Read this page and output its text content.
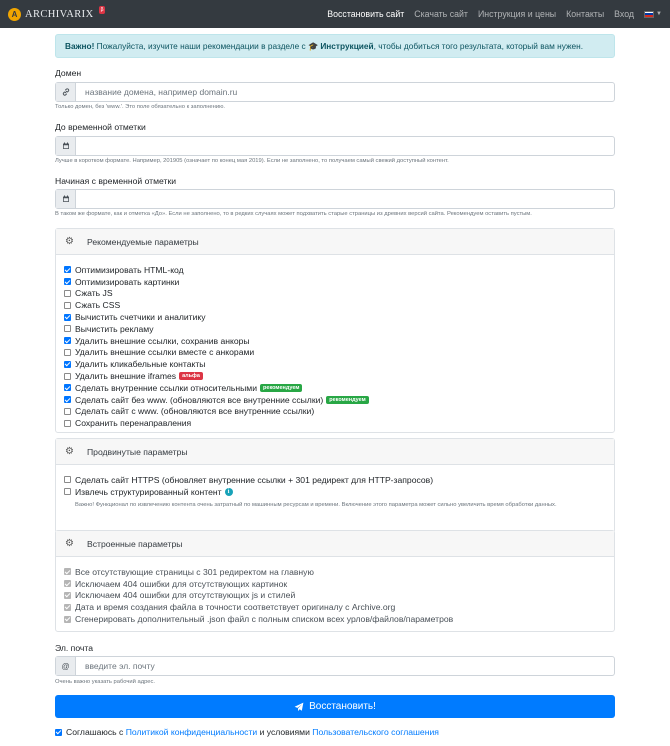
A ARCHIVARIX	β	Восстановить сайт	Скачать сайт	Инструкция и цены	Контакты	Вход	▼
Важно! Пожалуйста, изучите наши рекомендации в разделе с 🎓 Инструкцией , чтобы добиться того результата, который вам нужен.
Домен
название домена, например domain.ru
Только домен, без 'www.'. Это поле обязательно к заполнению.
До временной отметки
Лучше в коротком формате. Например, 201905 (означает по конец мая 2019). Если не заполнено, то получаем самый свежий доступный контент.
Начиная с временной отметки
В таком же формате, как и отметка «До». Если не заполнено, то в редких случаях может подхватить старые страницы из древних версий сайта. Рекомендуем оставить пустым.
⚙ Рекомендуемые параметры
Оптимизировать HTML-код
Оптимизировать картинки
Сжать JS
Сжать CSS
Вычистить счетчики и аналитику
Вычистить рекламу
Удалить внешние ссылки, сохранив анкоры
Удалить внешние ссылки вместе с анкорами
Удалить кликабельные контакты
Удалить внешние iframes	альфа
Сделать внутренние ссылки относительными	рекомендуем
Сделать сайт без www. (обновляются все внутренние ссылки)	рекомендуем
Сделать сайт с www. (обновляются все внутренние ссылки)
Сохранить перенаправления
⚙ Продвинутые параметры
Сделать сайт HTTPS (обновляет внутренние ссылки + 301 редирект для HTTP-запросов)
Извлечь структурированный контент	i
Важно! Функционал по извлечению контента очень затратный по машинным ресурсам и времени. Включение этого параметра может сильно увеличить время обработки данных.
⚙ Встроенные параметры
Все отсутствующие страницы с 301 редиректом на главную
Исключаем 404 ошибки для отсутствующих картинок
Исключаем 404 ошибки для отсутствующих js и стилей
Дата и время создания файла в точности соответствует оригиналу с Archive.org
Сгенерировать дополнительный .json файл с полным списком всех урлов/файлов/параметров
Эл. почта
@
введите эл. почту
Очень важно указать рабочий адрес.
Восстановить!
Соглашаюсь с Политикой конфиденциальности и условиями Пользовательского соглашения
